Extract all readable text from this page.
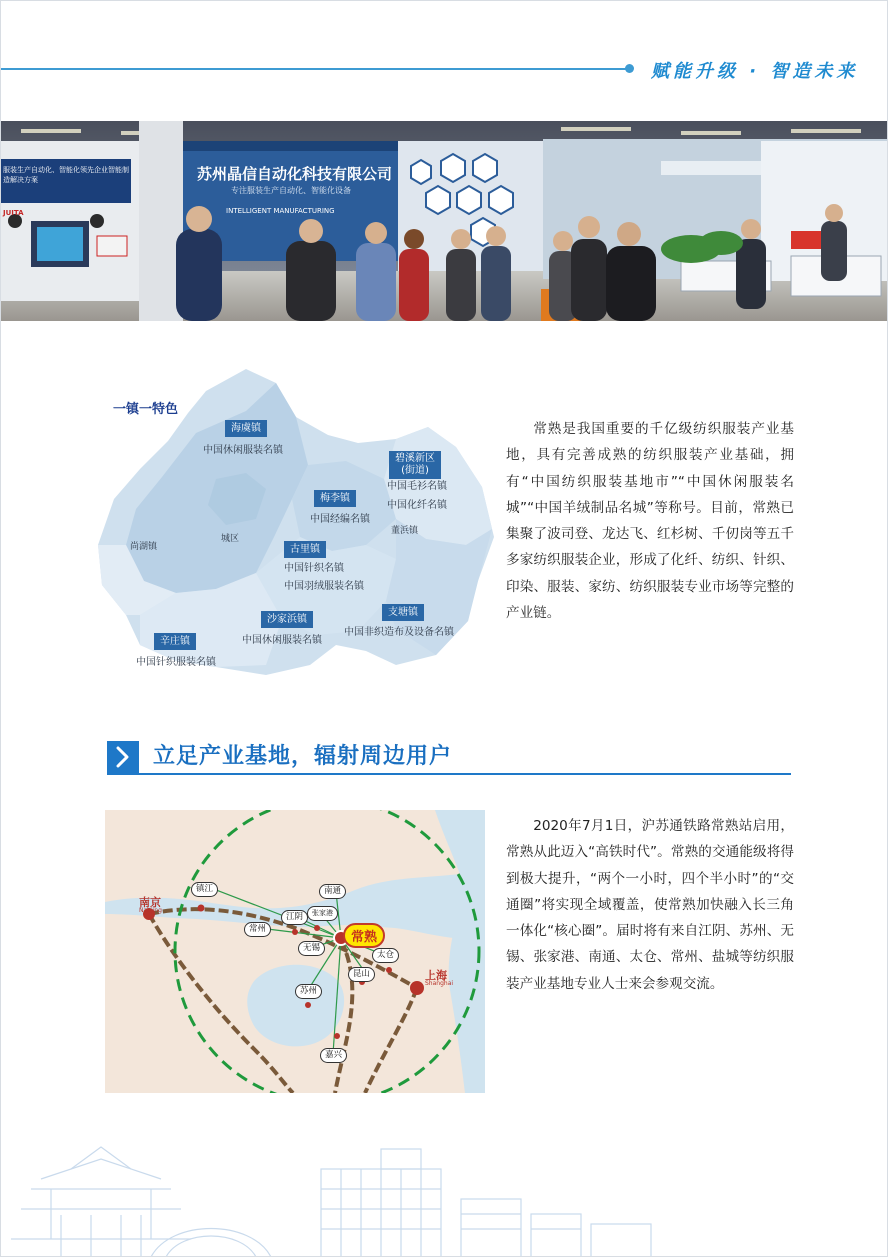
赋能升级 · 智造未来
苏州晶信自动化科技有限公司
专注服装生产自动化、智能化设备
INTELLIGENT MANUFACTURING
服装生产自动化、智能化领先企业智能制造解决方案
JUITA
一镇一特色
海虞镇
中国休闲服装名镇
碧溪新区
(街道)
中国毛衫名镇
中国化纤名镇
梅李镇
中国经编名镇
古里镇
中国针织名镇
中国羽绒服装名镇
支塘镇
中国非织造布及设备名镇
沙家浜镇
中国休闲服装名镇
辛庄镇
中国针织服装名镇
尚湖镇
城区
董浜镇
常熟是我国重要的千亿级纺织服装产业基地，具有完善成熟的纺织服装产业基础，拥有“中国纺织服装基地市”“中国休闲服装名城”“中国羊绒制品名城”等称号。目前，常熟已集聚了波司登、龙达飞、红杉树、千仞岗等五千多家纺织服装企业，形成了化纤、纺织、针织、印染、服装、家纺、纺织服装专业市场等完整的产业链。
立足产业基地，辐射周边用户
南京
Nanjing
上海
Shanghai
常熟
镇江	南通
江阴	张家港
常州
无锡
太仓
昆山
苏州
嘉兴
2020年7月1日，沪苏通铁路常熟站启用，常熟从此迈入“高铁时代”。常熟的交通能级将得到极大提升，“两个一小时，四个半小时”的“交通圈”将实现全域覆盖，使常熟加快融入长三角一体化“核心圈”。届时将有来自江阴、苏州、无锡、张家港、南通、太仓、常州、盐城等纺织服装产业基地专业人士来会参观交流。
